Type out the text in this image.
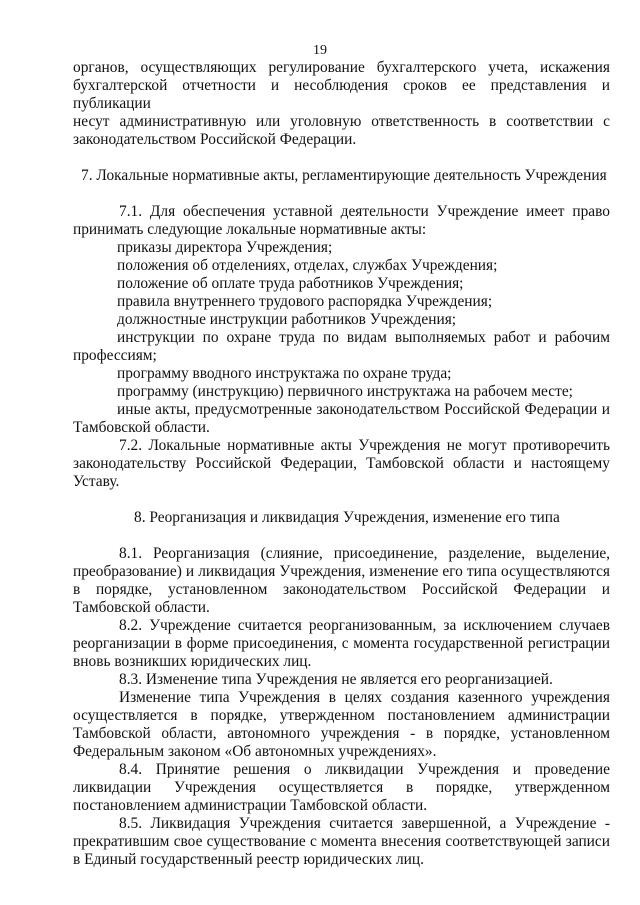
19

органов, осуществляющих регулирование бухгалтерского учета, искажения

бухгалтерской отчетности и несоблюдения сроков ее представления и публикации

несут административную или уголовную ответственность в соответствии с

законодательством Российской Федерации.

7. Локальные нормативные акты, регламентирующие деятельность Учреждения

7.1. Для обеспечения уставной деятельности Учреждение имеет право

принимать следующие локальные нормативные акты:

приказы директора Учреждения;

положения об отделениях, отделах, службах Учреждения;

положение об оплате труда работников Учреждения;

правила внутреннего трудового распорядка Учреждения;

должностные инструкции работников Учреждения;

инструкции по охране труда по видам выполняемых работ и рабочим

профессиям;

программу вводного инструктажа по охране труда;

программу (инструкцию) первичного инструктажа на рабочем месте;

иные акты, предусмотренные законодательством Российской Федерации и

Тамбовской области.

7.2. Локальные нормативные акты Учреждения не могут противоречить

законодательству Российской Федерации, Тамбовской области и настоящему

Уставу.

8. Реорганизация и ликвидация Учреждения, изменение его типа

8.1. Реорганизация (слияние, присоединение, разделение, выделение,

преобразование) и ликвидация Учреждения, изменение его типа осуществляются

в порядке, установленном законодательством Российской Федерации и

Тамбовской области.

8.2. Учреждение считается реорганизованным, за исключением случаев

реорганизации в форме присоединения, с момента государственной регистрации

вновь возникших юридических лиц.

8.3. Изменение типа Учреждения не является его реорганизацией.

Изменение типа Учреждения в целях создания казенного учреждения

осуществляется в порядке, утвержденном постановлением администрации

Тамбовской области, автономного учреждения - в порядке, установленном

Федеральным законом «Об автономных учреждениях».

8.4. Принятие решения о ликвидации Учреждения и проведение

ликвидации Учреждения осуществляется в порядке, утвержденном

постановлением администрации Тамбовской области.

8.5. Ликвидация Учреждения считается завершенной, а Учреждение -

прекратившим свое существование с момента внесения соответствующей записи

в Единый государственный реестр юридических лиц.
